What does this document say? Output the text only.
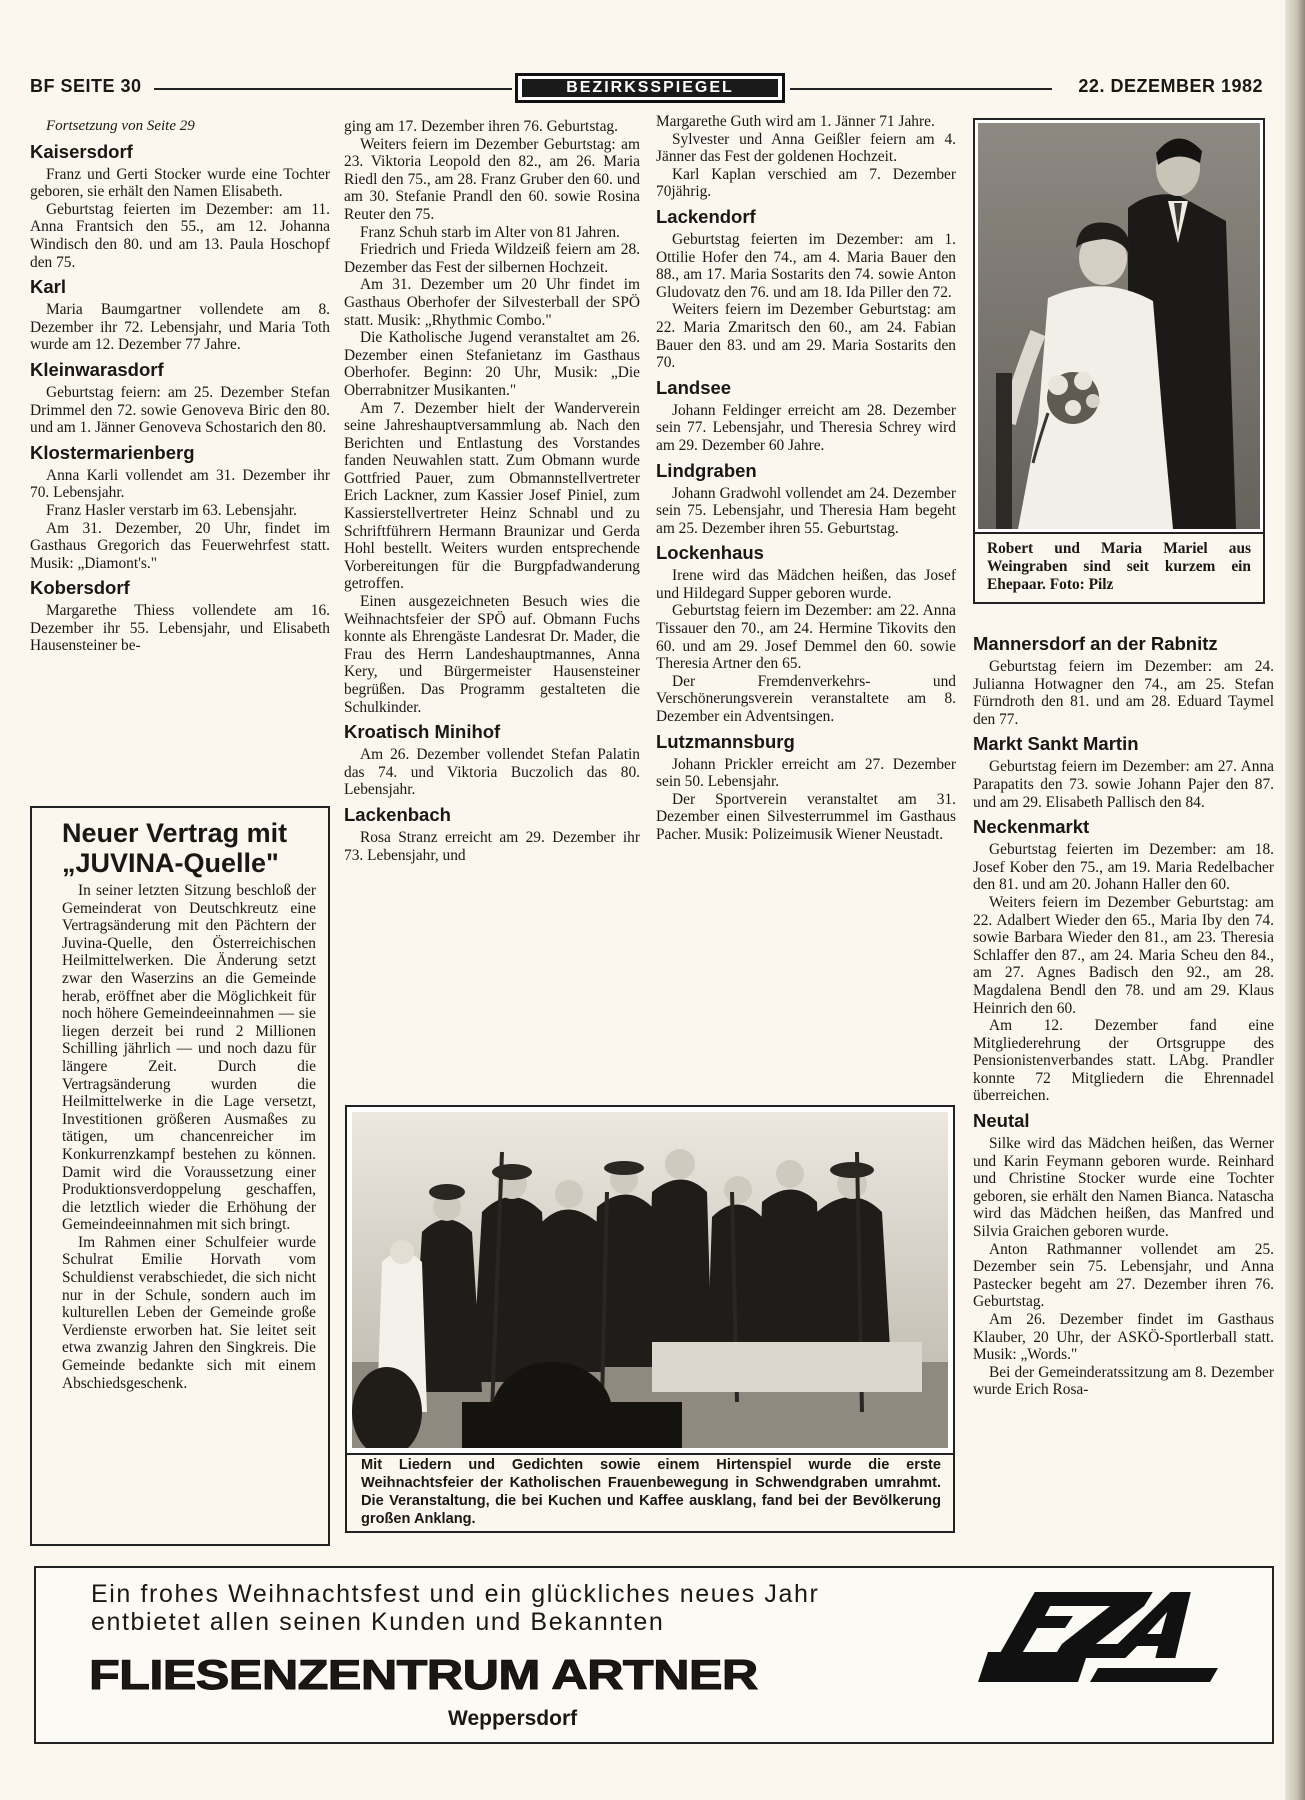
BF SEITE 30	BEZIRKSSPIEGEL	22. DEZEMBER 1982

Fortsetzung von Seite 29

Kaisersdorf

Franz und Gerti Stocker wurde eine Tochter geboren, sie erhält den Namen Elisabeth.

Geburtstag feierten im Dezember: am 11. Anna Frantsich den 55., am 12. Johanna Windisch den 80. und am 13. Paula Hoschopf den 75.

Karl

Maria Baumgartner vollendete am 8. Dezember ihr 72. Lebensjahr, und Maria Toth wurde am 12. Dezember 77 Jahre.

Kleinwarasdorf

Geburtstag feiern: am 25. Dezember Stefan Drimmel den 72. sowie Genoveva Biric den 80. und am 1. Jänner Genoveva Schostarich den 80.

Klostermarienberg

Anna Karli vollendet am 31. Dezember ihr 70. Lebensjahr.

Franz Hasler verstarb im 63. Lebensjahr.

Am 31. Dezember, 20 Uhr, findet im Gasthaus Gregorich das Feuerwehrfest statt. Musik: „Diamont's."

Kobersdorf

Margarethe Thiess vollendete am 16. Dezember ihr 55. Lebensjahr, und Elisabeth Hausensteiner be-

Neuer Vertrag mit „JUVINA-Quelle"

In seiner letzten Sitzung beschloß der Gemeinderat von Deutschkreutz eine Vertragsänderung mit den Pächtern der Juvina-Quelle, den Österreichischen Heilmittelwerken. Die Änderung setzt zwar den Waserzins an die Gemeinde herab, eröffnet aber die Möglichkeit für noch höhere Gemeindeeinnahmen — sie liegen derzeit bei rund 2 Millionen Schilling jährlich — und noch dazu für längere Zeit. Durch die Vertragsänderung wurden die Heilmittelwerke in die Lage versetzt, Investitionen größeren Ausmaßes zu tätigen, um chancenreicher im Konkurrenzkampf bestehen zu können. Damit wird die Voraussetzung einer Produktionsverdoppelung geschaffen, die letztlich wieder die Erhöhung der Gemeindeeinnahmen mit sich bringt.

Im Rahmen einer Schulfeier wurde Schulrat Emilie Horvath vom Schuldienst verabschiedet, die sich nicht nur in der Schule, sondern auch im kulturellen Leben der Gemeinde große Verdienste erworben hat. Sie leitet seit etwa zwanzig Jahren den Singkreis. Die Gemeinde bedankte sich mit einem Abschiedsgeschenk.

ging am 17. Dezember ihren 76. Geburtstag.

Weiters feiern im Dezember Geburtstag: am 23. Viktoria Leopold den 82., am 26. Maria Riedl den 75., am 28. Franz Gruber den 60. und am 30. Stefanie Prandl den 60. sowie Rosina Reuter den 75.

Franz Schuh starb im Alter von 81 Jahren.

Friedrich und Frieda Wildzeiß feiern am 28. Dezember das Fest der silbernen Hochzeit.

Am 31. Dezember um 20 Uhr findet im Gasthaus Oberhofer der Silvesterball der SPÖ statt. Musik: „Rhythmic Combo."

Die Katholische Jugend veranstaltet am 26. Dezember einen Stefanietanz im Gasthaus Oberhofer. Beginn: 20 Uhr, Musik: „Die Oberrabnitzer Musikanten."

Am 7. Dezember hielt der Wanderverein seine Jahreshauptversammlung ab. Nach den Berichten und Entlastung des Vorstandes fanden Neuwahlen statt. Zum Obmann wurde Gottfried Pauer, zum Obmannstellvertreter Erich Lackner, zum Kassier Josef Piniel, zum Kassierstellvertreter Heinz Schnabl und zu Schriftführern Hermann Braunizar und Gerda Hohl bestellt. Weiters wurden entsprechende Vorbereitungen für die Burgpfadwanderung getroffen.

Einen ausgezeichneten Besuch wies die Weihnachtsfeier der SPÖ auf. Obmann Fuchs konnte als Ehrengäste Landesrat Dr. Mader, die Frau des Herrn Landeshauptmannes, Anna Kery, und Bürgermeister Hausensteiner begrüßen. Das Programm gestalteten die Schulkinder.

Kroatisch Minihof

Am 26. Dezember vollendet Stefan Palatin das 74. und Viktoria Buczolich das 80. Lebensjahr.

Lackenbach

Rosa Stranz erreicht am 29. Dezember ihr 73. Lebensjahr, und

Margarethe Guth wird am 1. Jänner 71 Jahre.

Sylvester und Anna Geißler feiern am 4. Jänner das Fest der goldenen Hochzeit.

Karl Kaplan verschied am 7. Dezember 70jährig.

Lackendorf

Geburtstag feierten im Dezember: am 1. Ottilie Hofer den 74., am 4. Maria Bauer den 88., am 17. Maria Sostarits den 74. sowie Anton Gludovatz den 76. und am 18. Ida Piller den 72.

Weiters feiern im Dezember Geburtstag: am 22. Maria Zmaritsch den 60., am 24. Fabian Bauer den 83. und am 29. Maria Sostarits den 70.

Landsee

Johann Feldinger erreicht am 28. Dezember sein 77. Lebensjahr, und Theresia Schrey wird am 29. Dezember 60 Jahre.

Lindgraben

Johann Gradwohl vollendet am 24. Dezember sein 75. Lebensjahr, und Theresia Ham begeht am 25. Dezember ihren 55. Geburtstag.

Lockenhaus

Irene wird das Mädchen heißen, das Josef und Hildegard Supper geboren wurde.

Geburtstag feiern im Dezember: am 22. Anna Tissauer den 70., am 24. Hermine Tikovits den 60. und am 29. Josef Demmel den 60. sowie Theresia Artner den 65.

Der Fremdenverkehrs- und Verschönerungsverein veranstaltete am 8. Dezember ein Adventsingen.

Lutzmannsburg

Johann Prickler erreicht am 27. Dezember sein 50. Lebensjahr.

Der Sportverein veranstaltet am 31. Dezember einen Silvesterrummel im Gasthaus Pacher. Musik: Polizeimusik Wiener Neustadt.

Robert und Maria Mariel aus Weingraben sind seit kurzem ein Ehepaar. Foto: Pilz
Mit Liedern und Gedichten sowie einem Hirtenspiel wurde die erste Weihnachtsfeier der Katholischen Frauenbewegung in Schwendgraben umrahmt. Die Veranstaltung, die bei Kuchen und Kaffee ausklang, fand bei der Bevölkerung großen Anklang.
Mannersdorf an der Rabnitz

Geburtstag feiern im Dezember: am 24. Julianna Hotwagner den 74., am 25. Stefan Fürndroth den 81. und am 28. Eduard Taymel den 77.

Markt Sankt Martin

Geburtstag feiern im Dezember: am 27. Anna Parapatits den 73. sowie Johann Pajer den 87. und am 29. Elisabeth Pallisch den 84.

Neckenmarkt

Geburtstag feierten im Dezember: am 18. Josef Kober den 75., am 19. Maria Redelbacher den 81. und am 20. Johann Haller den 60.

Weiters feiern im Dezember Geburtstag: am 22. Adalbert Wieder den 65., Maria Iby den 74. sowie Barbara Wieder den 81., am 23. Theresia Schlaffer den 87., am 24. Maria Scheu den 84., am 27. Agnes Badisch den 92., am 28. Magdalena Bendl den 78. und am 29. Klaus Heinrich den 60.

Am 12. Dezember fand eine Mitgliederehrung der Ortsgruppe des Pensionistenverbandes statt. LAbg. Prandler konnte 72 Mitgliedern die Ehrennadel überreichen.

Neutal

Silke wird das Mädchen heißen, das Werner und Karin Feymann geboren wurde. Reinhard und Christine Stocker wurde eine Tochter geboren, sie erhält den Namen Bianca. Natascha wird das Mädchen heißen, das Manfred und Silvia Graichen geboren wurde.

Anton Rathmanner vollendet am 25. Dezember sein 75. Lebensjahr, und Anna Pastecker begeht am 27. Dezember ihren 76. Geburtstag.

Am 26. Dezember findet im Gasthaus Klauber, 20 Uhr, der ASKÖ-Sportlerball statt. Musik: „Words."

Bei der Gemeinderatssitzung am 8. Dezember wurde Erich Rosa-

Ein frohes Weihnachtsfest und ein glückliches neues Jahr
entbietet allen seinen Kunden und Bekannten
FLIESENZENTRUM ARTNER
Weppersdorf
